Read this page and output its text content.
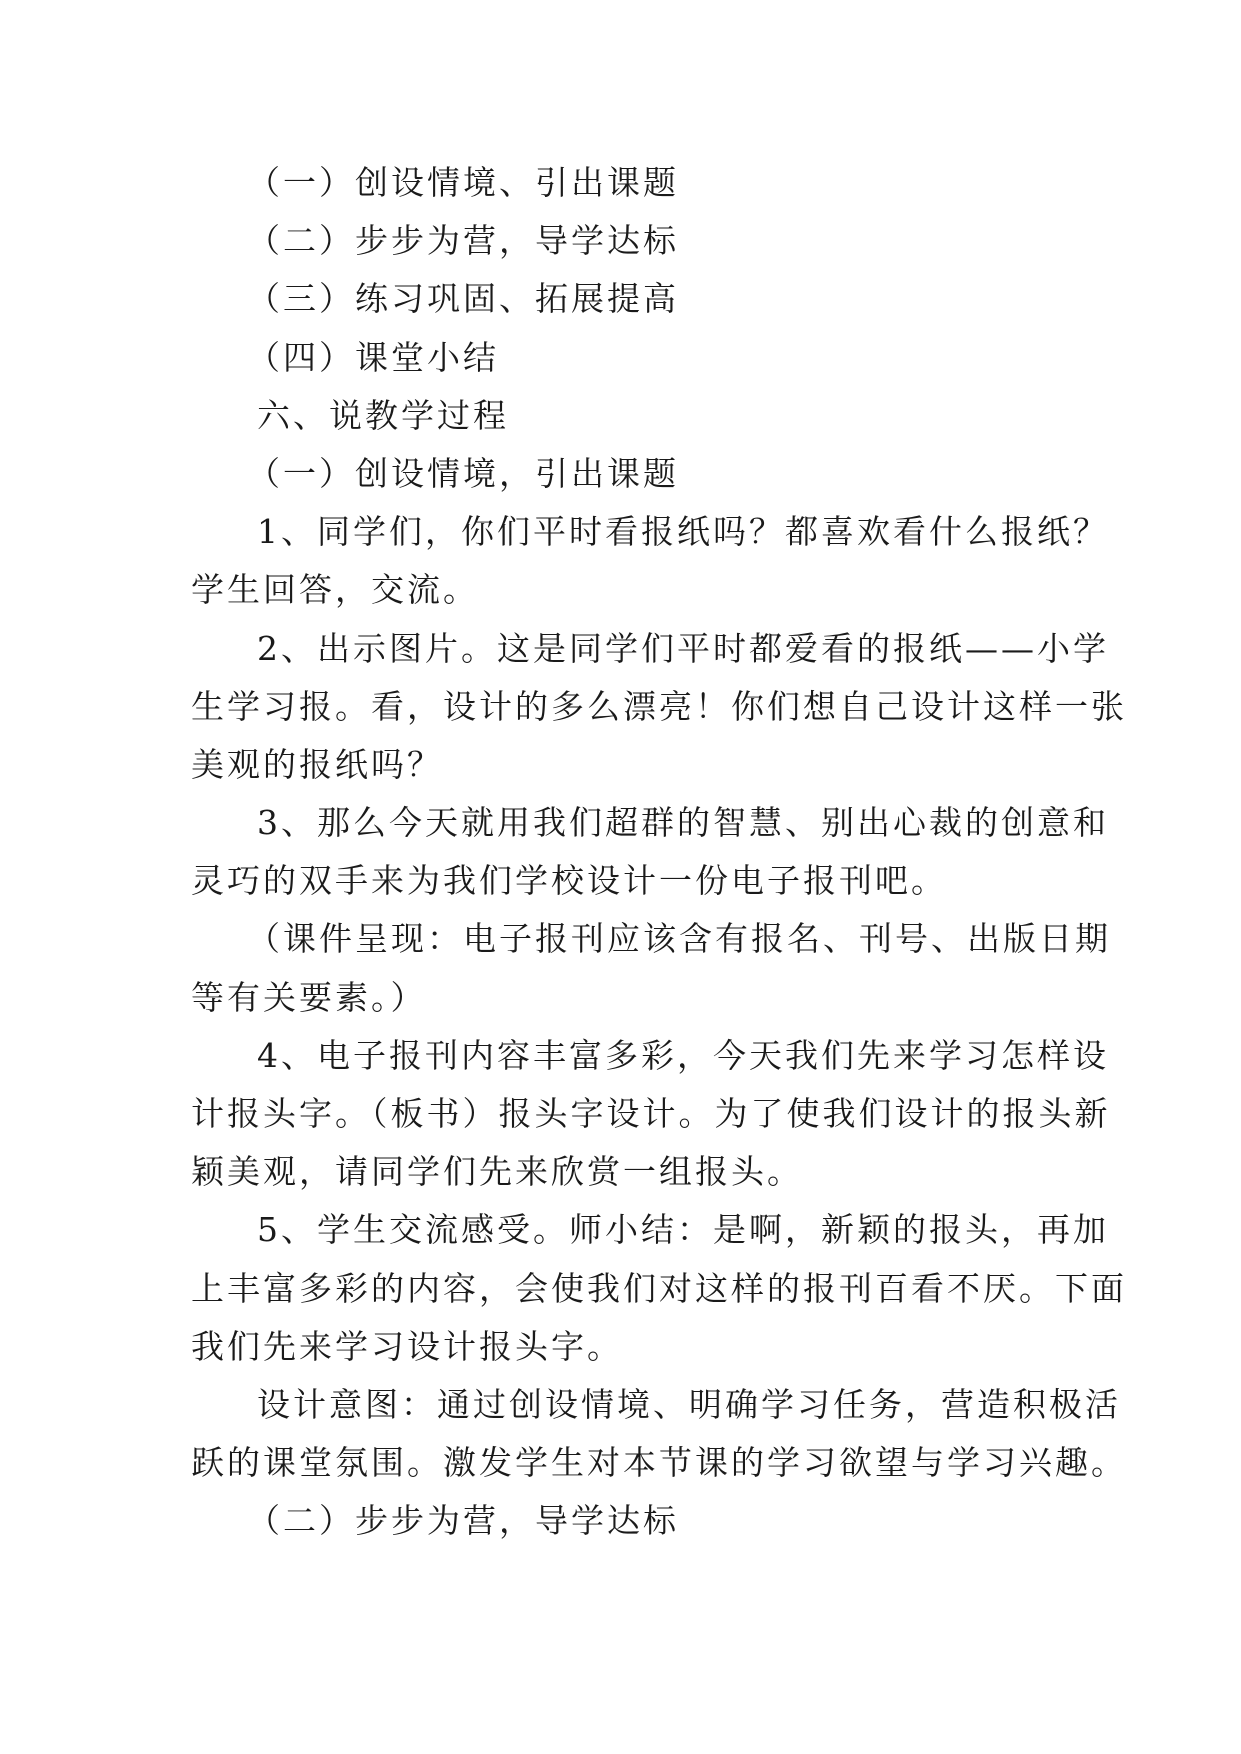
（一）创设情境、引出课题
（二）步步为营，导学达标
（三）练习巩固、拓展提高
（四）课堂小结
六、说教学过程
（一）创设情境，引出课题
1、同学们，你们平时看报纸吗？都喜欢看什么报纸？
学生回答，交流。
2、出示图片。这是同学们平时都爱看的报纸——小学
生学习报。看，设计的多么漂亮！你们想自己设计这样一张
美观的报纸吗？
3、那么今天就用我们超群的智慧、别出心裁的创意和
灵巧的双手来为我们学校设计一份电子报刊吧。
（课件呈现：电子报刊应该含有报名、刊号、出版日期
等有关要素。）
4、电子报刊内容丰富多彩，今天我们先来学习怎样设
计报头字。（板书）报头字设计。为了使我们设计的报头新
颖美观，请同学们先来欣赏一组报头。
5、学生交流感受。师小结：是啊，新颖的报头，再加
上丰富多彩的内容，会使我们对这样的报刊百看不厌。下面
我们先来学习设计报头字。
设计意图：通过创设情境、明确学习任务，营造积极活
跃的课堂氛围。激发学生对本节课的学习欲望与学习兴趣。
（二）步步为营，导学达标
